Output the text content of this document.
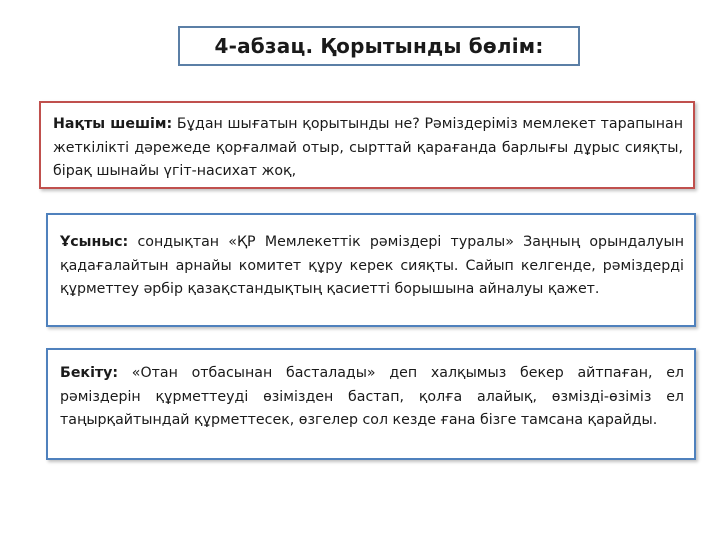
4-абзац. Қорытынды бөлім:
Нақты шешім: Бұдан шығатын қорытынды не? Рәміздеріміз мемлекет тарапынан жеткілікті дәрежеде қорғалмай отыр, сырттай қарағанда барлығы дұрыс сияқты, бірақ шынайы үгіт-насихат жоқ,
Ұсыныс: сондықтан «ҚР Мемлекеттік рәміздері туралы» Заңның орындалуын қадағалайтын арнайы комитет құру керек сияқты. Сайып келгенде, рәміздерді құрметтеу әрбір қазақстандықтың қасиетті борышына айналуы қажет.
Бекіту: «Отан отбасынан басталады» деп халқымыз бекер айтпаған, ел рәміздерін құрметтеуді өзімізден бастап, қолға алайық, өзмізді-өзіміз ел таңырқайтындай құрметтесек, өзгелер сол кезде ғана бізге тамсана қарайды.
